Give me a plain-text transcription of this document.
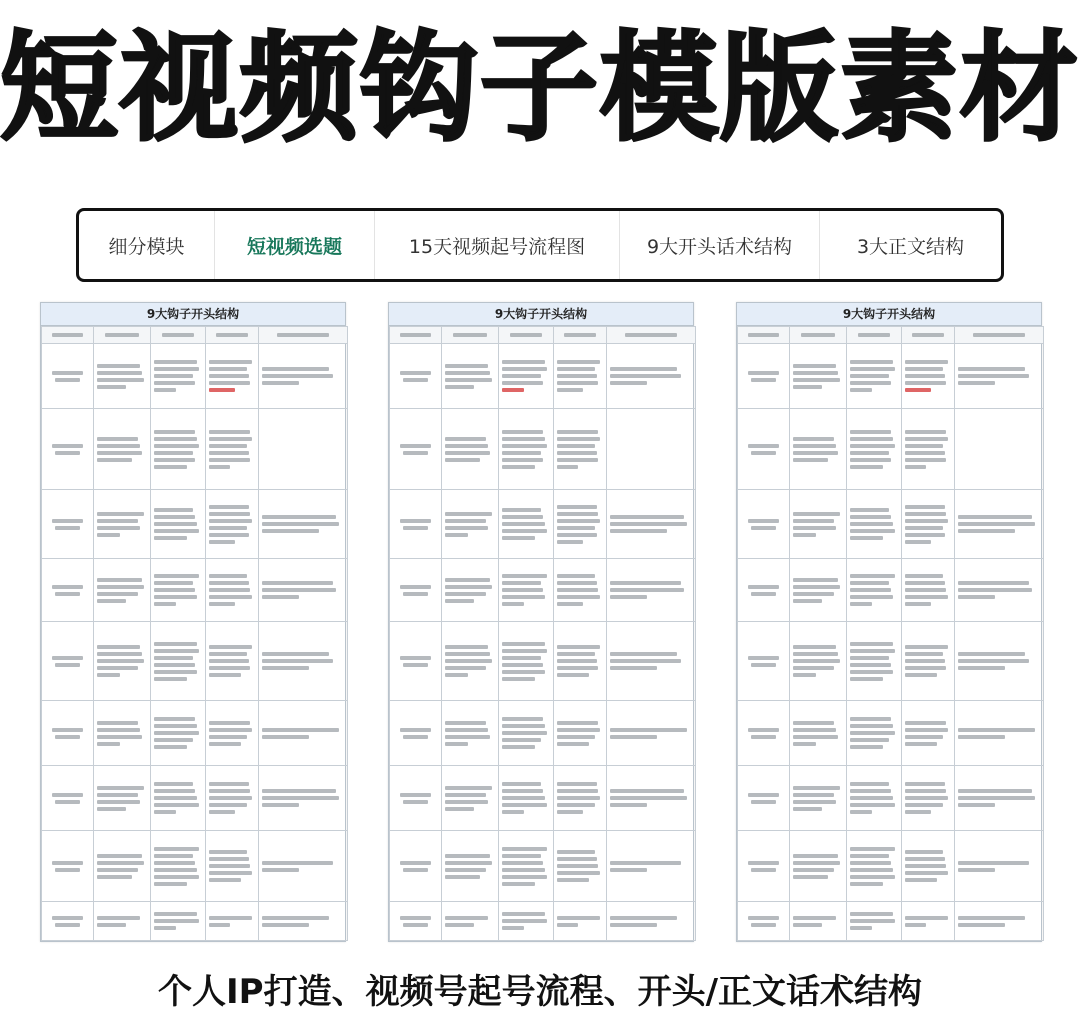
短视频钩子模版素材
细分模块	短视频选题	15天视频起号流程图	9大开头话术结构	3大正文结构
9大钩子开头结构

		9大钩子开头结构

		9大钩子开头结构

个人IP打造、视频号起号流程、开头/正文话术结构
